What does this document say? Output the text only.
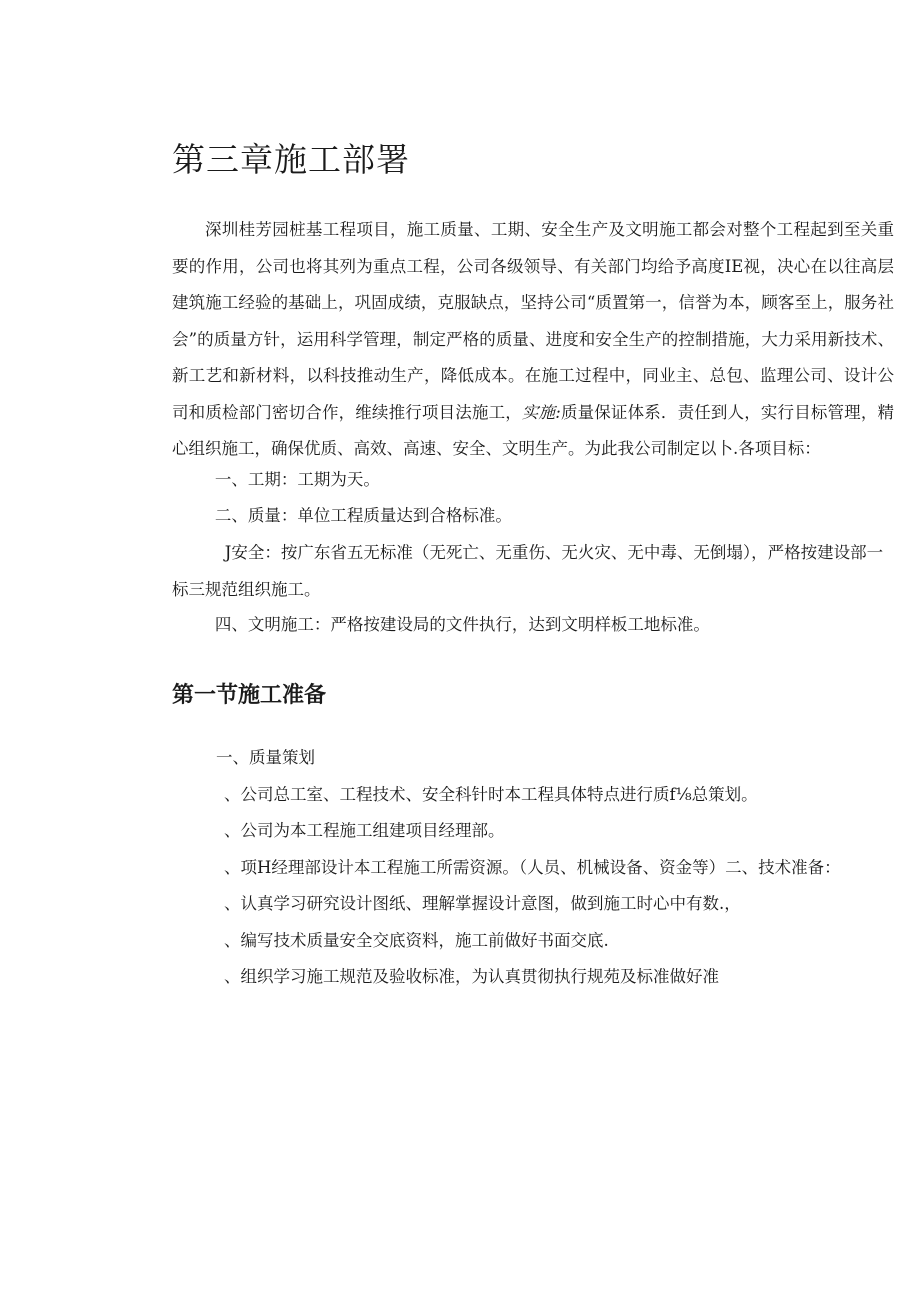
第三章施工部署

深圳桂芳园桩基工程项目，施工质量、工期、安全生产及文明施工都会对整个工程起到至关重要的作用，公司也将其列为重点工程，公司各级领导、有关部门均给予高度IE视，决心在以往高层建筑施工经验的基础上，巩固成绩，克服缺点，坚持公司“质置第一，信誉为本，顾客至上，服务社会”的质量方针，运用科学管理，制定严格的质量、进度和安全生产的控制措施，大力采用新技术、新工艺和新材料，以科技推动生产，降低成本。在施工过程中，同业主、总包、监理公司、设计公司和质检部门密切合作，维续推行项目法施工，实施:质量保证体系．责任到人，实行目标管理，精心组织施工，确保优质、高效、高速、安全、文明生产。为此我公司制定以卜.各项目标：

一、工期：工期为天。

二、质量：单位工程质量达到合格标准。

J安全：按广东省五无标准（无死亡、无重伤、无火灾、无中毒、无倒塌），严格按建设部一标三规范组织施工。

四、文明施工：严格按建设局的文件执行，达到文明样板工地标准。

第一节施工准备

一、质量策划

、公司总工室、工程技术、安全科针时本工程具体特点进行质f⅛总策划。

、公司为本工程施工组建项目经理部。

、项H经理部设计本工程施工所需资源。（人员、机械设备、资金等）二、技术准备：

、认真学习研究设计图纸、理解掌握设计意图，做到施工时心中有数.，

、编写技术质量安全交底资料，施工前做好书面交底.

、组织学习施工规范及验收标准，为认真贯彻执行规苑及标准做好准
